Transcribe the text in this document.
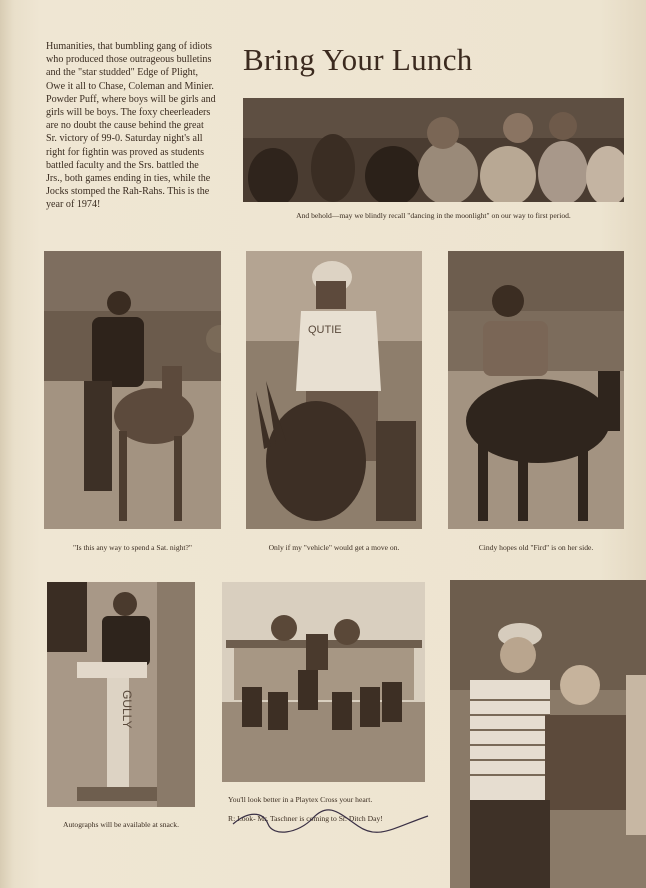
Humanities, that bumbling gang of idiots who produced those outrageous bulletins and the "star studded" Edge of Plight, Owe it all to Chase, Coleman and Minier. Powder Puff, where boys will be girls and girls will be boys. The foxy cheerleaders are no doubt the cause behind the great Sr. victory of 99-0. Saturday night's all right for fightin was proved as students battled faculty and the Srs. battled the Jrs., both games ending in ties, while the Jocks stomped the Rah-Rahs. This is the year of 1974!
Bring Your Lunch
And behold—may we blindly recall "dancing in the moonlight" on our way to first period.
"Is this any way to spend a Sat. night?"
QUTIE
Only if my "vehicle" would get a move on.	Cindy hopes old "Fird" is on her side.
GULLY
Autographs will be available at snack.
You'll look better in a Playtex Cross your heart.
R: Look- Mr. Taschner is coming to Sr. Ditch Day!
